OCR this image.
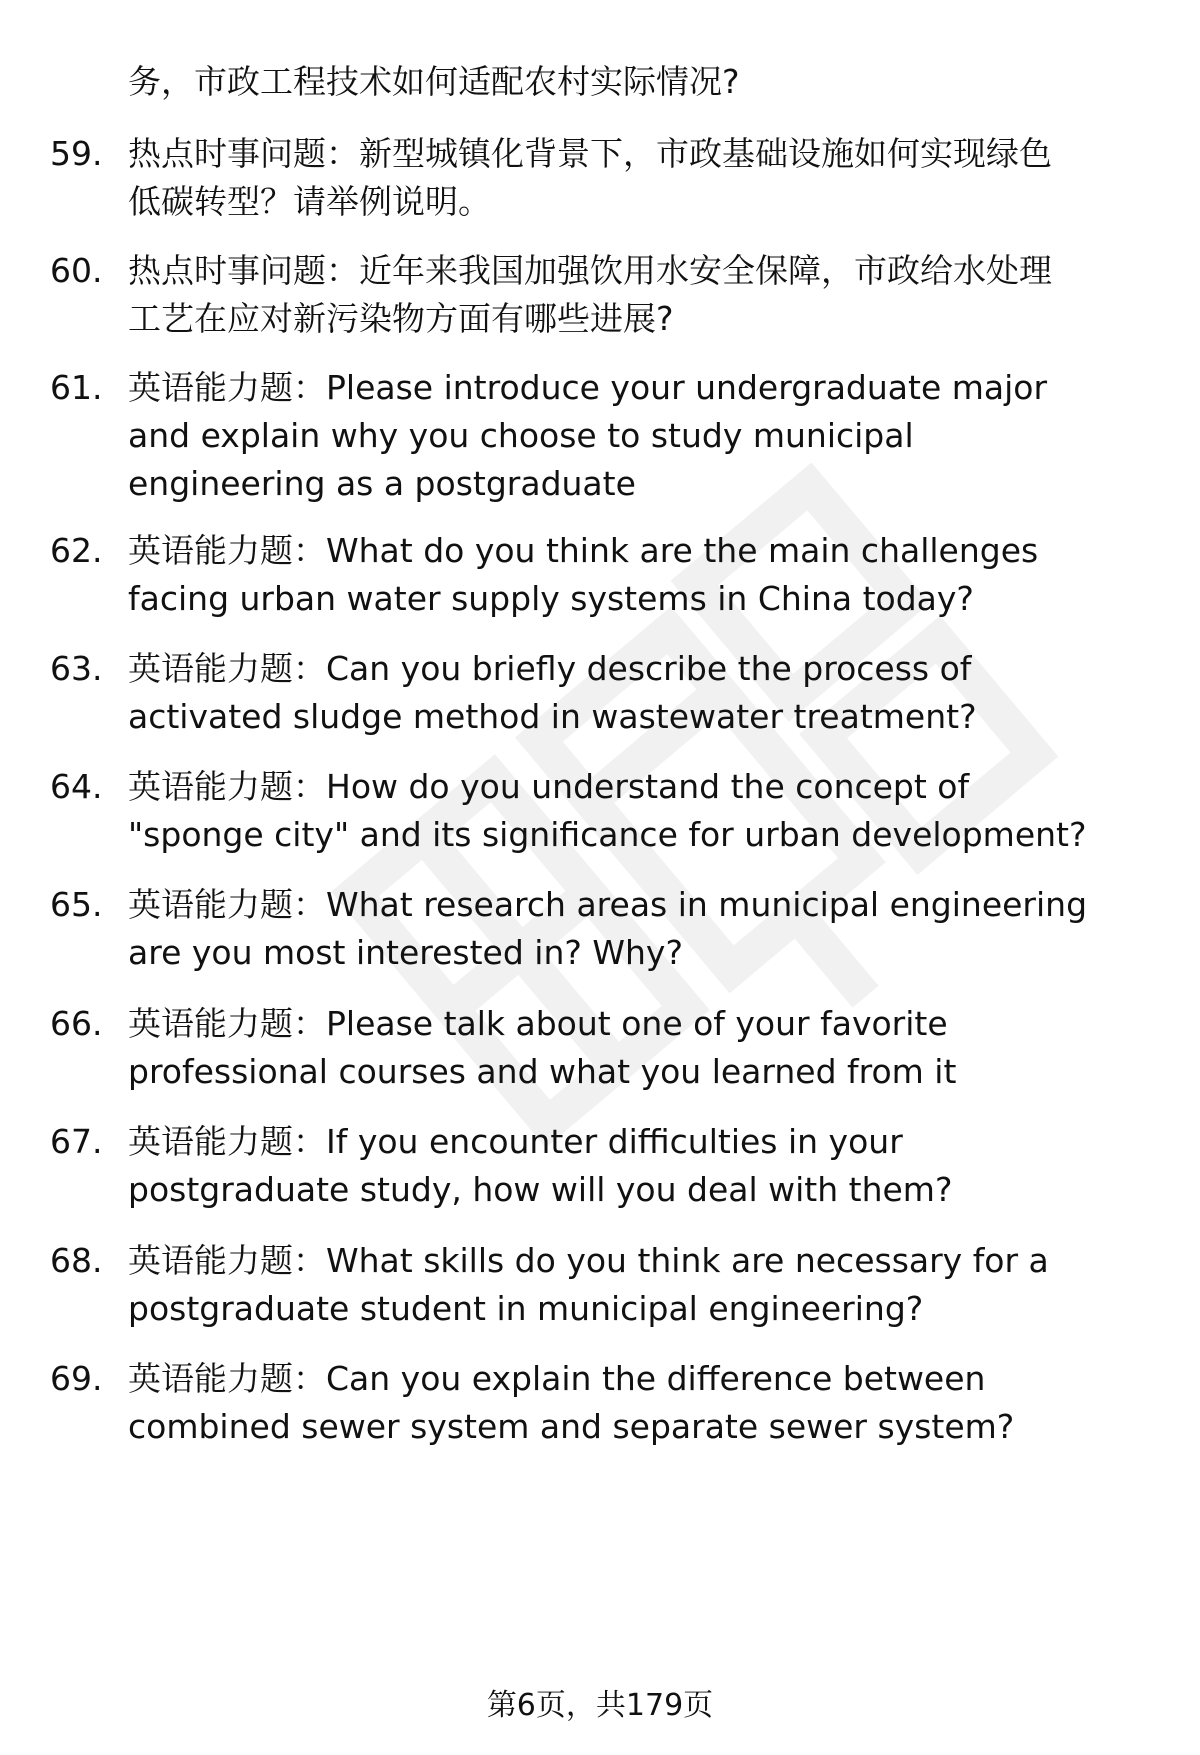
务，市政工程技术如何适配农村实际情况?
59. 热点时事问题：新型城镇化背景下，市政基础设施如何实现绿色
低碳转型？请举例说明。
60. 热点时事问题：近年来我国加强饮用水安全保障，市政给水处理
工艺在应对新污染物方面有哪些进展?
61. 英语能力题：Please introduce your undergraduate major
and explain why you choose to study municipal
engineering as a postgraduate
62. 英语能力题：What do you think are the main challenges
facing urban water supply systems in China today?
63. 英语能力题：Can you briefly describe the process of
activated sludge method in wastewater treatment?
64. 英语能力题：How do you understand the concept of
"sponge city" and its significance for urban development?
65. 英语能力题：What research areas in municipal engineering
are you most interested in? Why?
66. 英语能力题：Please talk about one of your favorite
professional courses and what you learned from it
67. 英语能力题：If you encounter difficulties in your
postgraduate study, how will you deal with them?
68. 英语能力题：What skills do you think are necessary for a
postgraduate student in municipal engineering?
69. 英语能力题：Can you explain the difference between
combined sewer system and separate sewer system?
第6页，共179页
